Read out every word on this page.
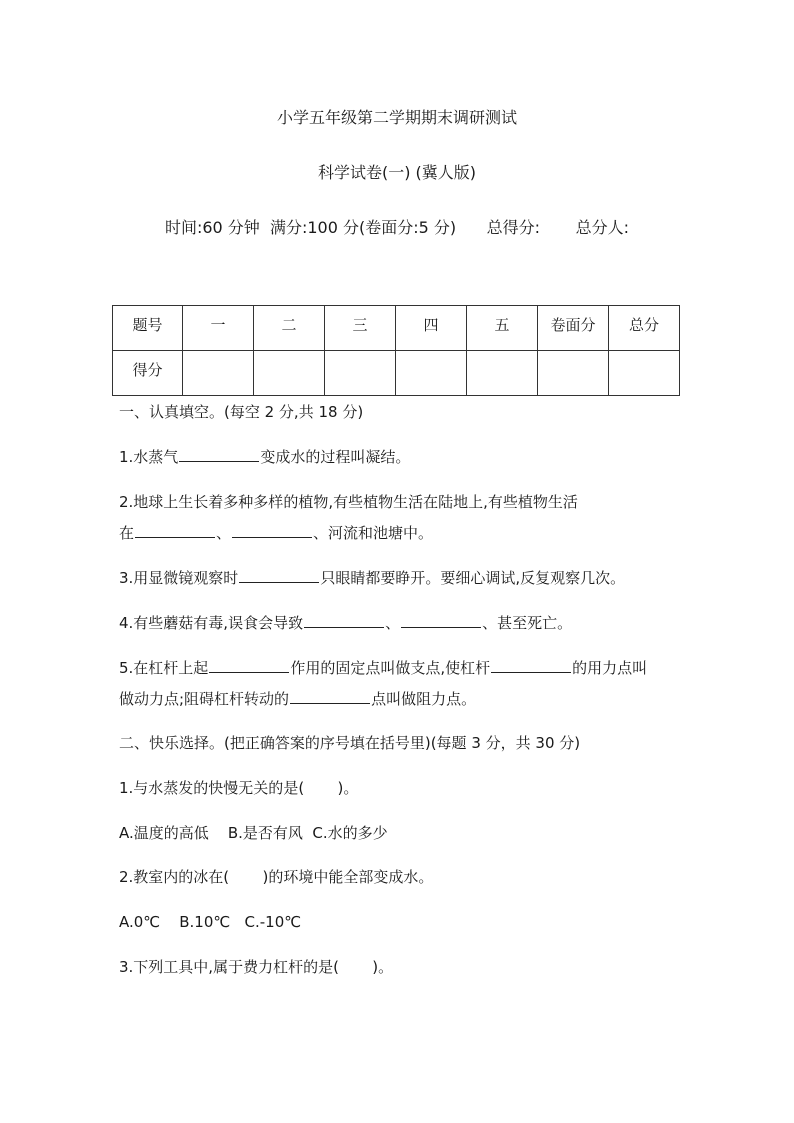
小学五年级第二学期期末调研测试
科学试卷(一) (冀人版)
时间:60 分钟  满分:100 分(卷面分:5 分)      总得分:       总分人:
题号	一	二	三	四	五	卷面分	总分

得分							

一、认真填空。(每空 2 分,共 18 分)
1.水蒸气	变成水的过程叫凝结。
2.地球上生长着多种多样的植物,有些植物生活在陆地上,有些植物生活
在	、	、河流和池塘中。
3.用显微镜观察时	只眼睛都要睁开。要细心调试,反复观察几次。
4.有些蘑菇有毒,误食会导致	、	、甚至死亡。
5.在杠杆上起	作用的固定点叫做支点,使杠杆	的用力点叫
做动力点;阻碍杠杆转动的	点叫做阻力点。
二、快乐选择。(把正确答案的序号填在括号里)(每题 3 分，共 30 分)
1.与水蒸发的快慢无关的是(       )。
A.温度的高低    B.是否有风  C.水的多少
2.教室内的冰在(       )的环境中能全部变成水。
A.0℃    B.10℃   C.-10℃
3.下列工具中,属于费力杠杆的是(       )。
